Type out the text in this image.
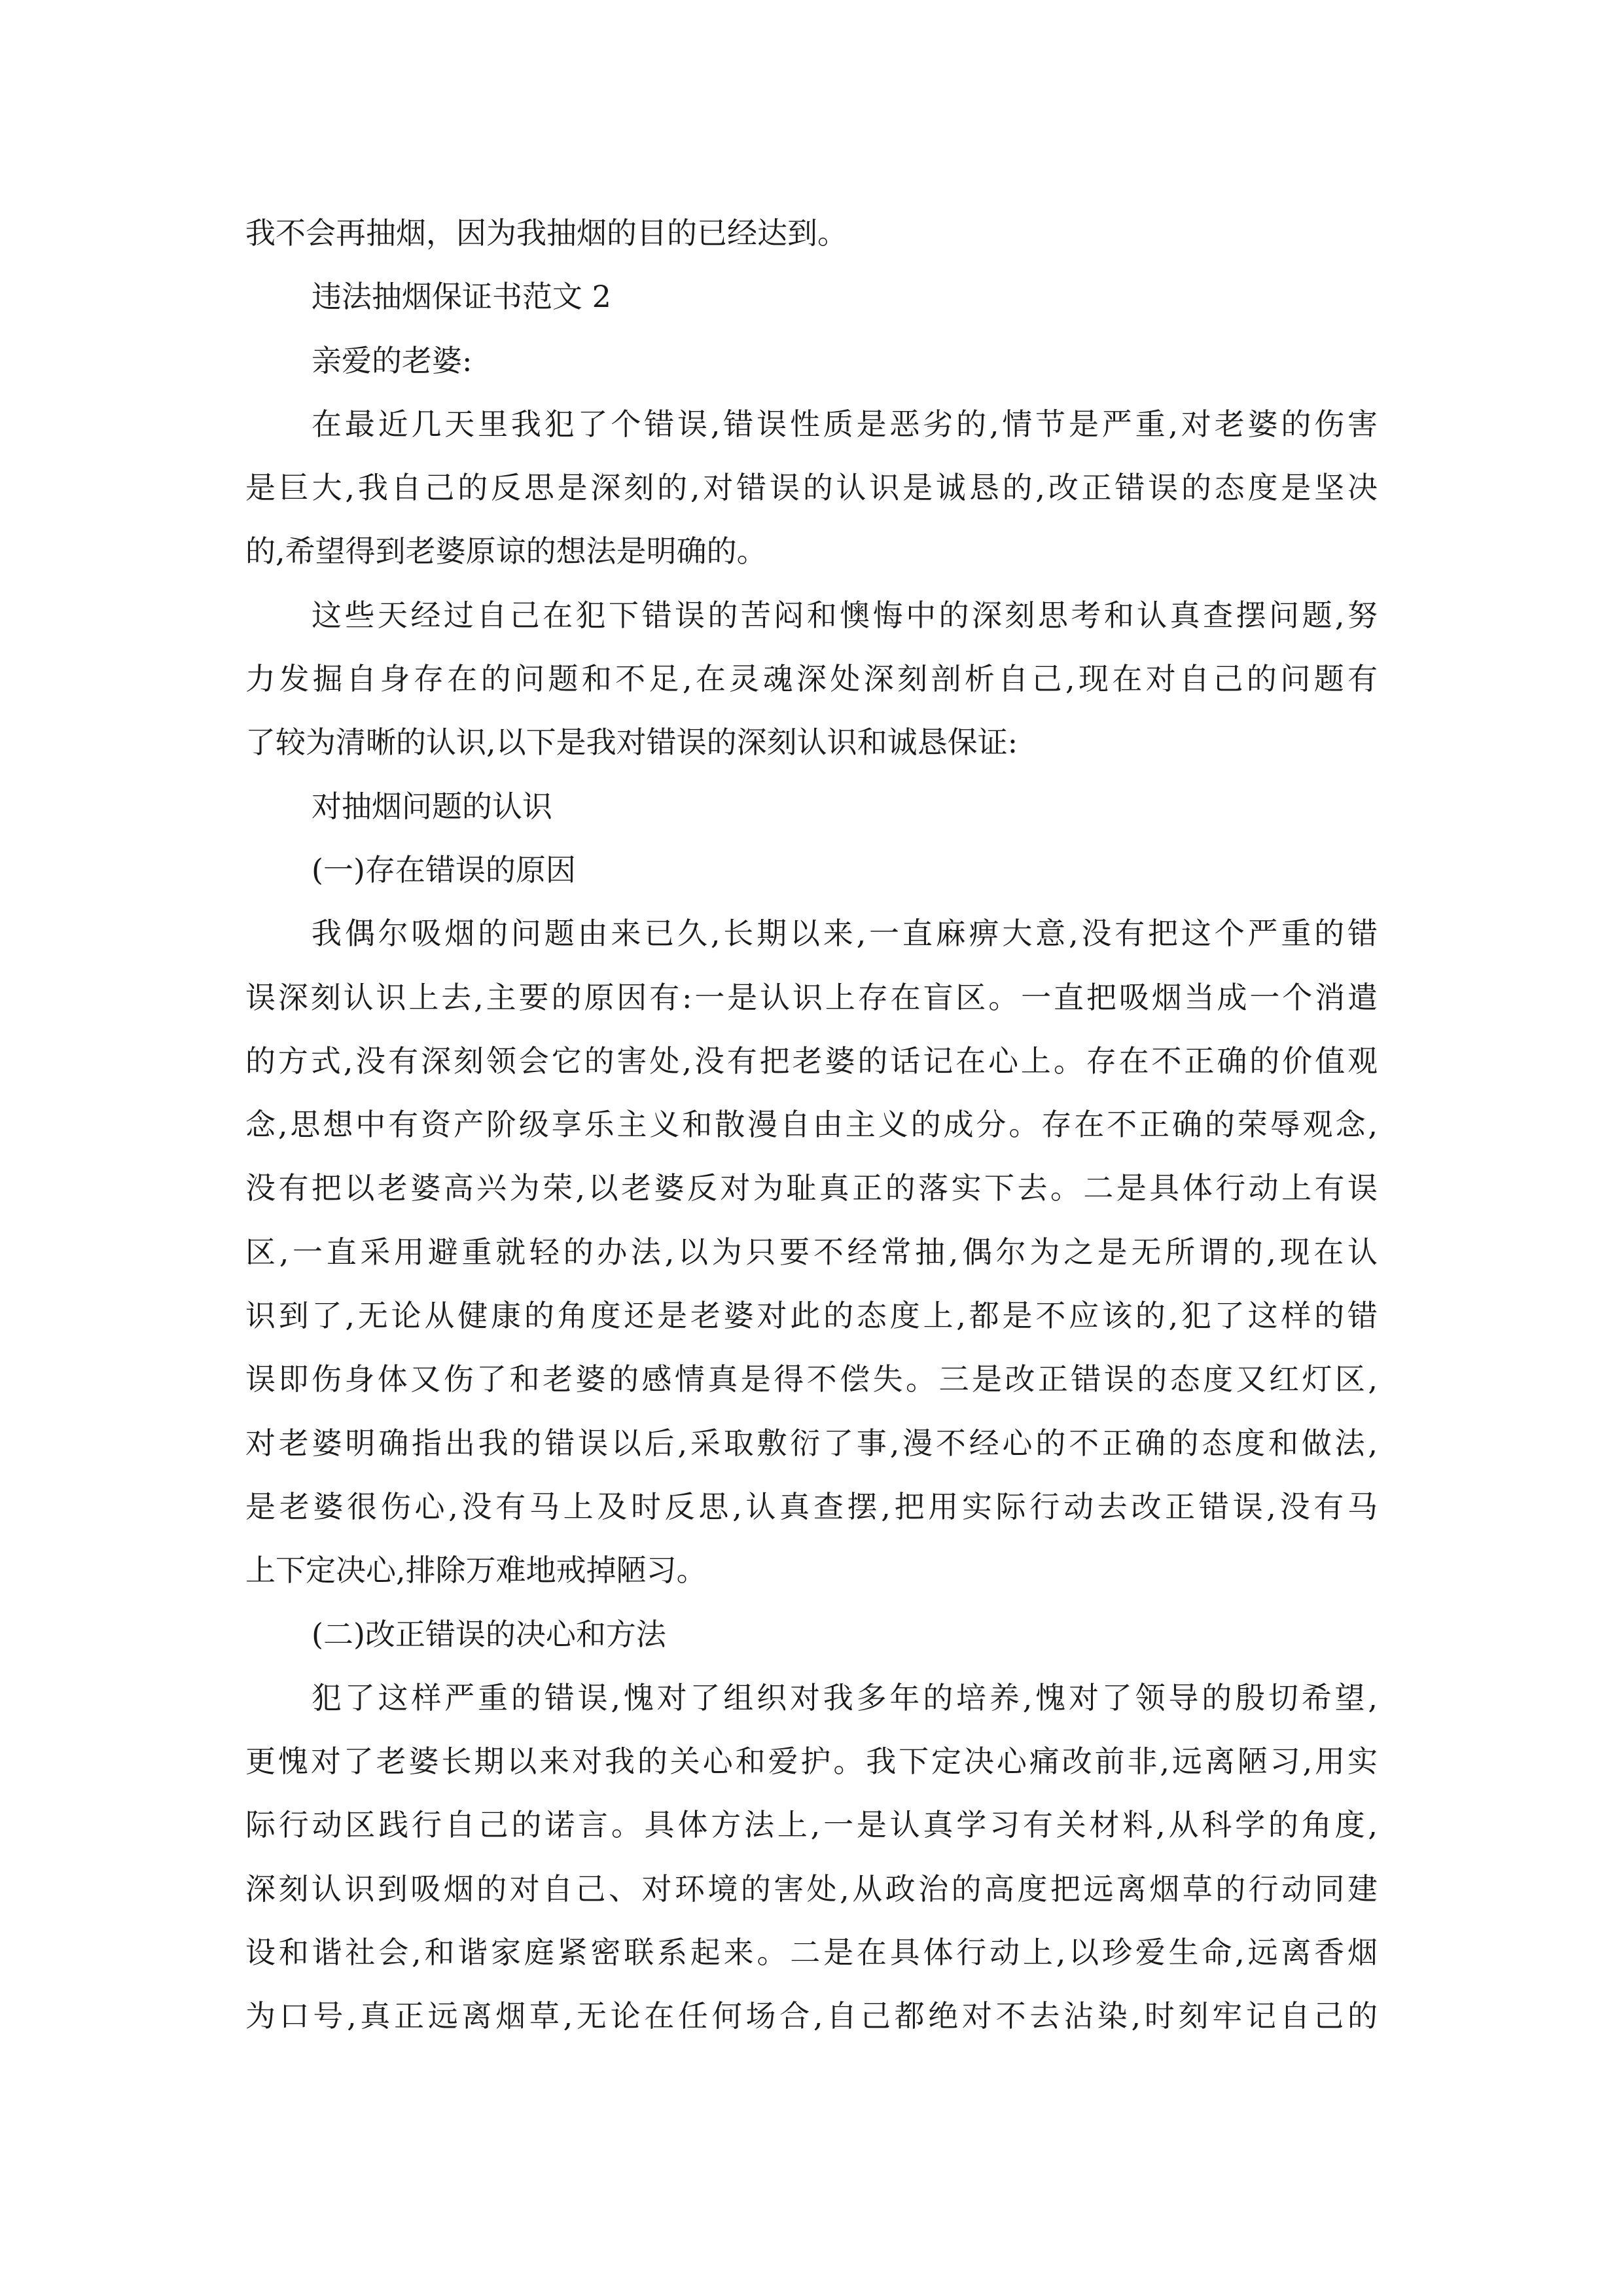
我不会再抽烟，因为我抽烟的目的已经达到。
违法抽烟保证书范文 2
亲爱的老婆:
在最近几天里我犯了个错误,错误性质是恶劣的,情节是严重,对老婆的伤害
是巨大,我自己的反思是深刻的,对错误的认识是诚恳的,改正错误的态度是坚决
的,希望得到老婆原谅的想法是明确的。
这些天经过自己在犯下错误的苦闷和懊悔中的深刻思考和认真查摆问题,努
力发掘自身存在的问题和不足,在灵魂深处深刻剖析自己,现在对自己的问题有
了较为清晰的认识,以下是我对错误的深刻认识和诚恳保证:
对抽烟问题的认识
(一)存在错误的原因
我偶尔吸烟的问题由来已久,长期以来,一直麻痹大意,没有把这个严重的错
误深刻认识上去,主要的原因有:一是认识上存在盲区。一直把吸烟当成一个消遣
的方式,没有深刻领会它的害处,没有把老婆的话记在心上。存在不正确的价值观
念,思想中有资产阶级享乐主义和散漫自由主义的成分。存在不正确的荣辱观念,
没有把以老婆高兴为荣,以老婆反对为耻真正的落实下去。二是具体行动上有误
区,一直采用避重就轻的办法,以为只要不经常抽,偶尔为之是无所谓的,现在认
识到了,无论从健康的角度还是老婆对此的态度上,都是不应该的,犯了这样的错
误即伤身体又伤了和老婆的感情真是得不偿失。三是改正错误的态度又红灯区,
对老婆明确指出我的错误以后,采取敷衍了事,漫不经心的不正确的态度和做法,
是老婆很伤心,没有马上及时反思,认真查摆,把用实际行动去改正错误,没有马
上下定决心,排除万难地戒掉陋习。
(二)改正错误的决心和方法
犯了这样严重的错误,愧对了组织对我多年的培养,愧对了领导的殷切希望,
更愧对了老婆长期以来对我的关心和爱护。我下定决心痛改前非,远离陋习,用实
际行动区践行自己的诺言。具体方法上,一是认真学习有关材料,从科学的角度,
深刻认识到吸烟的对自己、对环境的害处,从政治的高度把远离烟草的行动同建
设和谐社会,和谐家庭紧密联系起来。二是在具体行动上,以珍爱生命,远离香烟
为口号,真正远离烟草,无论在任何场合,自己都绝对不去沾染,时刻牢记自己的
